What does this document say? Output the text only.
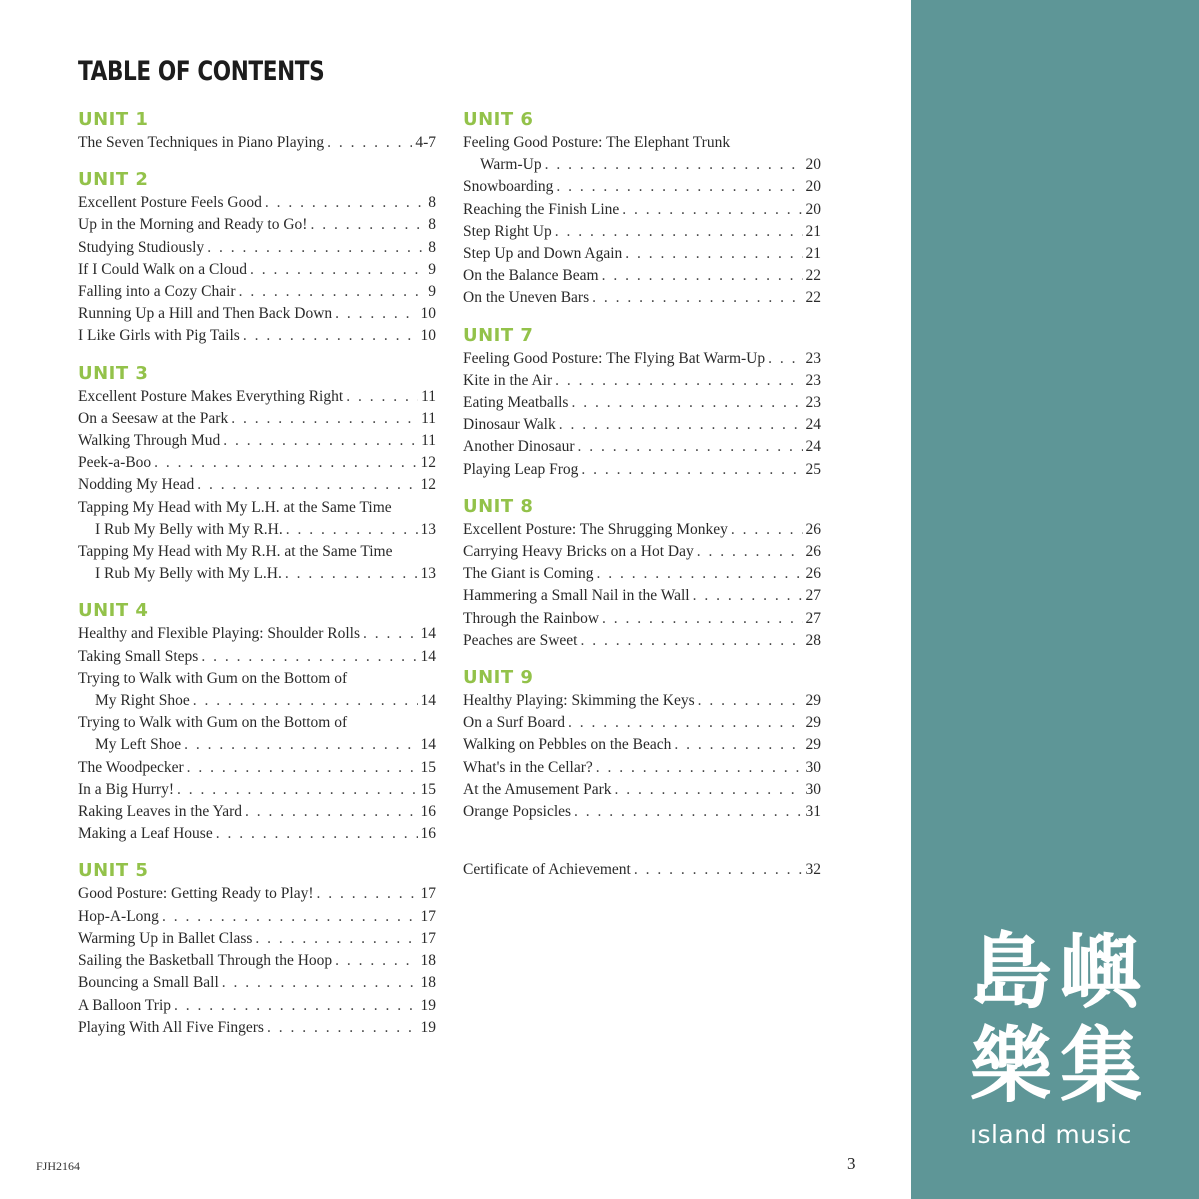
TABLE OF CONTENTS
UNIT 1
The Seven Techniques in Piano Playing . . .	4-7
UNIT 2
Excellent Posture Feels Good . . .	8
Up in the Morning and Ready to Go! . . .	8
Studying Studiously . . .	8
If I Could Walk on a Cloud . . .	9
Falling into a Cozy Chair . . .	9
Running Up a Hill and Then Back Down . . .	10
I Like Girls with Pig Tails . . .	10
UNIT 3
Excellent Posture Makes Everything Right . . .	11
On a Seesaw at the Park . . .	11
Walking Through Mud . . .	11
Peek-a-Boo . . .	12
Nodding My Head . . .	12
Tapping My Head with My L.H. at the Same Time
I Rub My Belly with My R.H. . . .	13
Tapping My Head with My R.H. at the Same Time
I Rub My Belly with My L.H. . . .	13
UNIT 4
Healthy and Flexible Playing: Shoulder Rolls . . .	14
Taking Small Steps . . .	14
Trying to Walk with Gum on the Bottom of
My Right Shoe . . .	14
Trying to Walk with Gum on the Bottom of
My Left Shoe . . .	14
The Woodpecker . . .	15
In a Big Hurry! . . .	15
Raking Leaves in the Yard . . .	16
Making a Leaf House . . .	16
UNIT 5
Good Posture: Getting Ready to Play! . . .	17
Hop-A-Long . . .	17
Warming Up in Ballet Class . . .	17
Sailing the Basketball Through the Hoop . . .	18
Bouncing a Small Ball . . .	18
A Balloon Trip . . .	19
Playing With All Five Fingers . . .	19
UNIT 6
Feeling Good Posture: The Elephant Trunk
Warm-Up . . .	20
Snowboarding . . .	20
Reaching the Finish Line . . .	20
Step Right Up . . .	21
Step Up and Down Again . . .	21
On the Balance Beam . . .	22
On the Uneven Bars . . .	22
UNIT 7
Feeling Good Posture: The Flying Bat Warm-Up . . .	23
Kite in the Air . . .	23
Eating Meatballs . . .	23
Dinosaur Walk . . .	24
Another Dinosaur . . .	24
Playing Leap Frog . . .	25
UNIT 8
Excellent Posture: The Shrugging Monkey . . .	26
Carrying Heavy Bricks on a Hot Day . . .	26
The Giant is Coming . . .	26
Hammering a Small Nail in the Wall . . .	27
Through the Rainbow . . .	27
Peaches are Sweet . . .	28
UNIT 9
Healthy Playing: Skimming the Keys . . .	29
On a Surf Board . . .	29
Walking on Pebbles on the Beach . . .	29
What's in the Cellar? . . .	30
At the Amusement Park . . .	30
Orange Popsicles . . .	31
Certificate of Achievement . . .	32
FJH2164	3
島 嶼
樂 集
ısland music
